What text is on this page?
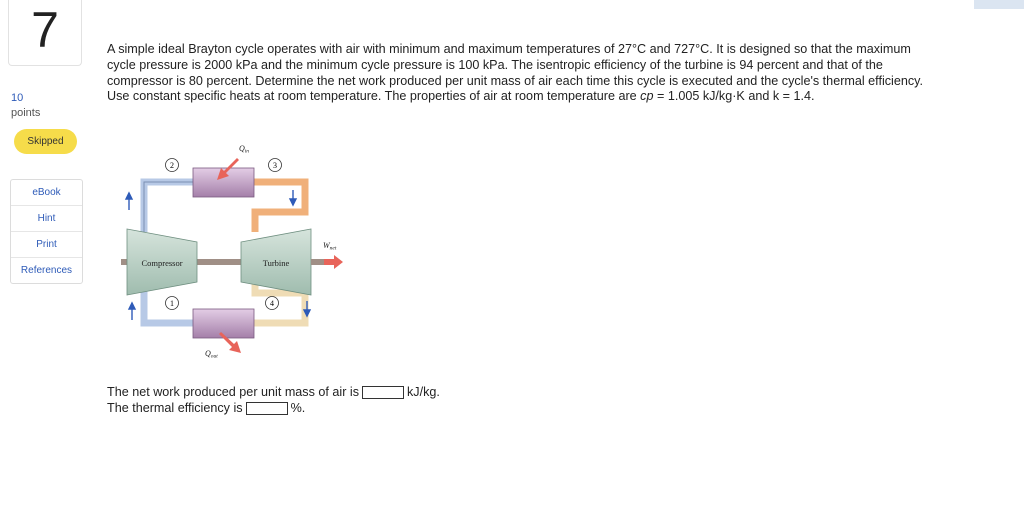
7
10
points
Skipped
eBook
Hint
Print
References
A simple ideal Brayton cycle operates with air with minimum and maximum temperatures of 27°C and 727°C. It is designed so that the maximum cycle pressure is 2000 kPa and the minimum cycle pressure is 100 kPa. The isentropic efficiency of the turbine is 94 percent and that of the compressor is 80 percent. Determine the net work produced per unit mass of air each time this cycle is executed and the cycle's thermal efficiency. Use constant specific heats at room temperature. The properties of air at room temperature are cp = 1.005 kJ/kg·K and k = 1.4.
Compressor	Turbine
2	3
1	4
Qin
Qout
Wnet
The net work produced per unit mass of air is	kJ/kg.
The thermal efficiency is	%.
